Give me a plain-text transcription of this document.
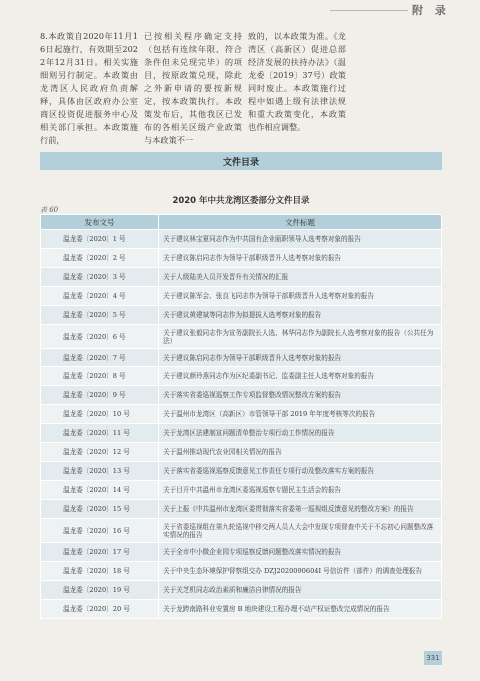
附 录
8.本政策自2020年11月16日起施行，有效期至2022年12月31日。相关实施细则另行制定。本政策由龙湾区人民政府负责解释，具体由区政府办公室商区投资促进服务中心及相关部门承担。本政策施行前，
已按相关程序确定支持（包括有连续年限、符合条件但未兑现完毕）的项目，按原政策兑现，除此之外新申请的要按新规定，按本政策执行。本政策发布后，其他我区已发布的各相关区级产业政策与本政策不一
致的，以本政策为准。《龙湾区（高新区）促进总部经济发展的扶持办法》（温龙委〔2019〕37号）政策同时废止。本政策施行过程中如遇上级有法律法规和重大政策变化，本政策也作相应调整。
文件目录
2020 年中共龙湾区委部分文件目录
表 60
发布文号	文件标题
温龙委〔2020〕1 号	关于建议林宝夏同志作为中共国有企业瓯职领导人选考察对象的报告
温龙委〔2020〕2 号	关于建议陈启同志作为领导干部职级晋升人选考察对象的报告
温龙委〔2020〕3 号	关于人级陆美人员开发晋升有关情况的汇报
温龙委〔2020〕4 号	关于建议陈军会、张良飞同志作为领导干部职级晋升人选考察对象的报告
温龙委〔2020〕5 号	关于建议黄建斌等同志作为拟提拔人选考察对象的报告
温龙委〔2020〕6 号	关于建议张毅同志作为宣务副院长人选、林华同志作为副院长人选考察对象的报告（公共任为法）
温龙委〔2020〕7 号	关于建议陈启同志作为领导干部职级晋升人选考察对象的报告
温龙委〔2020〕8 号	关于建议颜玲燕同志作为区纪委副书记、监委副主任人选考察对象的报告
温龙委〔2020〕9 号	关于落实省委巡视巡察工作专项监督整改情况整改方案的报告
温龙委〔2020〕10 号	关于温州市龙湾区（高新区）市管领导干部 2019 年年度考核等次的报告
温龙委〔2020〕11 号	关于龙湾区法建制宣问题清单整治专项行动工作情况的报告
温龙委〔2020〕12 号	关于温州推动现代农业园相关情况的报告
温龙委〔2020〕13 号	关于落实省委巡视巡察反馈意见工作责任专项行动及整改落实方案的报告
温龙委〔2020〕14 号	关于目开中共温州市龙湾区委巡视巡察专题民主生活会的报告
温龙委〔2020〕15 号	关于上报《中共温州市龙湾区委贯彻落实省委第一巡视组反馈意见的整改方案》的报告
温龙委〔2020〕16 号	关于省委巡视组在第九轮巡视中移交两人员人大会中发现专项督查中关于不忘初心问题整改落实情况的报告
温龙委〔2020〕17 号	关于全市中小微企业园专项巡察反馈问题整改落实情况的报告
温龙委〔2020〕18 号	关于中央生态环境保护督察组交办 DZJ2020090604I 号信访件（部件）的调查处理报告
温龙委〔2020〕19 号	关于关芝机同志政治素质和廉洁自律情况的报告
温龙委〔2020〕20 号	关于龙跨南路科业安置房 B 地块建设工程办理不动产权证整改完成情况的报告
331
